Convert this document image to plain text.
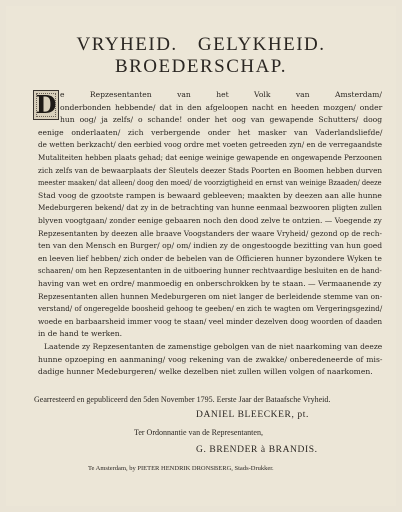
VRYHEID. GELYKHEID.
BROEDERSCHAP.
D e Repzesentanten van het Volk van Amsterdam/
onderbonden hebbende/ dat in den afgeloopen nacht en heeden mozgen/ onder
hun oog/ ja zelfs/ o schande! onder het oog van gewapende Schutters/ doog
eenige onderlaaten/ zich verbergende onder het masker van Vaderlandsliefde/
de wetten berkzacht/ den eerbied voog ordre met voeten getreeden zyn/ en de verregaandste
Mutaliteiten hebben plaats gehad; dat eenige weinige gewapende en ongewapende Perzoonen
zich zelfs van de bewaarplaats der Sleutels deezer Stads Poorten en Boomen hebben durven
meester maaken/ dat alleen/ doog den moed/ de voorzigtigheid en ernst van weinige Bzaaden/ deeze
Stad voog de gzootste rampen is bewaard gebleeven; maakten by deezen aan alle hunne
Medeburgeren bekend/ dat zy in de betrachting van hunne eenmaal bezwooren pligten zullen
blyven voogtgaan/ zonder eenige gebaaren noch den dood zelve te ontzien. — Voegende zy
Repzesentanten by deezen alle braave Voogstanders der waare Vryheid/ gezond op de rech-
ten van den Mensch en Burger/ op/ om/ indien zy de ongestoogde bezitting van hun goed
en leeven lief hebben/ zich onder de bebelen van de Officieren hunner byzondere Wyken te
schaaren/ om hen Repzesentanten in de uitboering hunner rechtvaardige besluiten en de hand-
having van wet en ordre/ manmoedig en onberschrokken by te staan. — Vermaanende zy
Repzesentanten allen hunnen Medeburgeren om niet langer de berleidende stemme van on-
verstand/ of ongeregelde boosheid gehoog te geeben/ en zich te wagten om Vergeringsgezind/
woede en barbaarsheid immer voog te staan/ veel minder dezelven doog woorden of daaden
in de hand te werken.
Laatende zy Repzesentanten de zamenstige gebolgen van de niet naarkoming van deeze
hunne opzoeping en aanmaning/ voog rekening van de zwakke/ onberedeneerde of mis-
dadige hunner Medeburgeren/ welke dezelben niet zullen willen volgen of naarkomen.
Gearresteerd en gepubliceerd den 5den November 1795. Eerste Jaar der Bataafsche Vryheid.
DANIEL BLEECKER, pt.
Ter Ordonnantie van de Representanten,
G. BRENDER à BRANDIS.
Te Amsterdam, by PIETER HENDRIK DRONSBERG, Stads-Drukker.
